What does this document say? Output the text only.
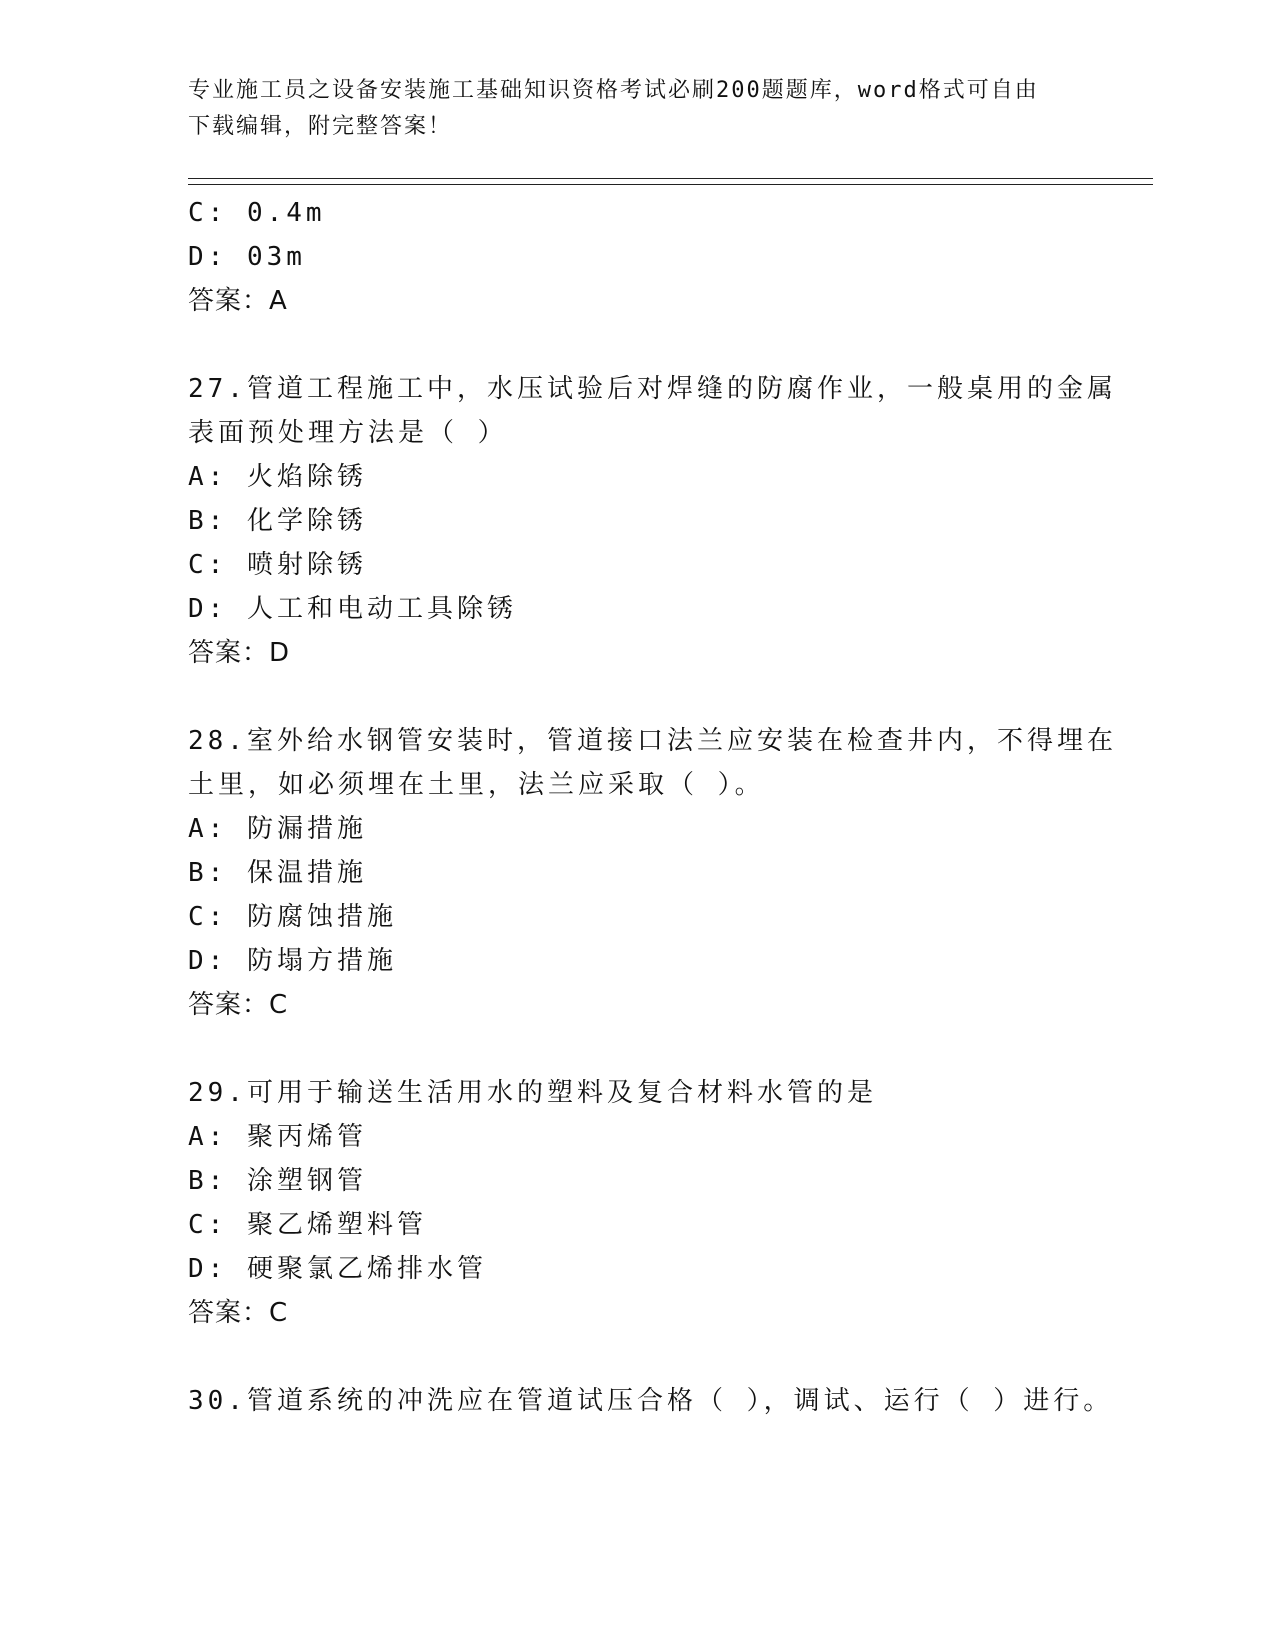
专业施工员之设备安装施工基础知识资格考试必刷200题题库，word格式可自由
下载编辑，附完整答案！
C: 0.4m
D: 03m
答案：A
27.管道工程施工中，水压试验后对焊缝的防腐作业，一般桌用的金属
表面预处理方法是（ ）
A: 火焰除锈
B: 化学除锈
C: 喷射除锈
D: 人工和电动工具除锈
答案：D
28.室外给水钢管安装时，管道接口法兰应安装在检查井内，不得埋在
土里，如必须埋在土里，法兰应采取（ ）。
A: 防漏措施
B: 保温措施
C: 防腐蚀措施
D: 防塌方措施
答案：C
29.可用于输送生活用水的塑料及复合材料水管的是
A: 聚丙烯管
B: 涂塑钢管
C: 聚乙烯塑料管
D: 硬聚氯乙烯排水管
答案：C
30.管道系统的冲洗应在管道试压合格（ ），调试、运行（ ）进行。
